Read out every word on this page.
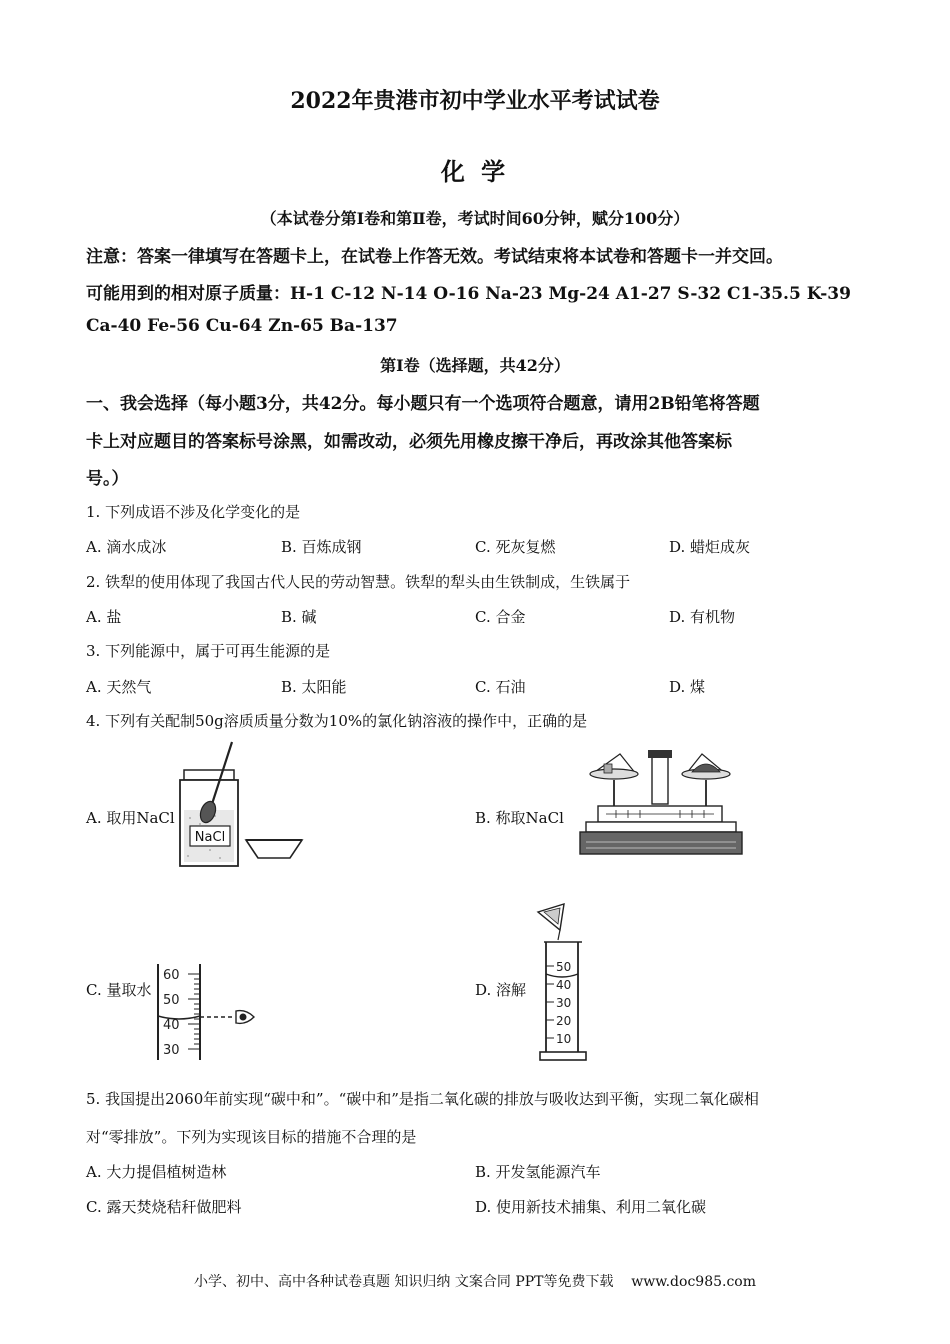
2022年贵港市初中学业水平考试试卷
化 学
（本试卷分第Ⅰ卷和第Ⅱ卷，考试时间60分钟，赋分100分）
注意：答案一律填写在答题卡上，在试卷上作答无效。考试结束将本试卷和答题卡一并交回。
可能用到的相对原子质量：H-1 C-12 N-14 O-16 Na-23 Mg-24 A1-27 S-32 C1-35.5 K-39
Ca-40 Fe-56 Cu-64 Zn-65 Ba-137
第Ⅰ卷（选择题，共42分）
一、我会选择（每小题3分，共42分。每小题只有一个选项符合题意，请用2B铅笔将答题
卡上对应题目的答案标号涂黑，如需改动，必须先用橡皮擦干净后，再改涂其他答案标
号。）
1. 下列成语不涉及化学变化的是
A. 滴水成冰	B. 百炼成钢	C. 死灰复燃	D. 蜡炬成灰
2. 铁犁的使用体现了我国古代人民的劳动智慧。铁犁的犁头由生铁制成，生铁属于
A. 盐	B. 碱	C. 合金	D. 有机物
3. 下列能源中，属于可再生能源的是
A. 天然气	B. 太阳能	C. 石油	D. 煤
4. 下列有关配制50g溶质质量分数为10%的氯化钠溶液的操作中，正确的是
A. 取用NaCl
NaCl
B. 称取NaCl
C. 量取水
60
50
40
30
D. 溶解
50
40
30
20
10
5. 我国提出2060年前实现“碳中和”。“碳中和”是指二氧化碳的排放与吸收达到平衡，实现二氧化碳相
对“零排放”。下列为实现该目标的措施不合理的是
A. 大力提倡植树造林	B. 开发氢能源汽车
C. 露天焚烧秸秆做肥料	D. 使用新技术捕集、利用二氧化碳
小学、初中、高中各种试卷真题 知识归纳 文案合同 PPT等免费下载    www.doc985.com
